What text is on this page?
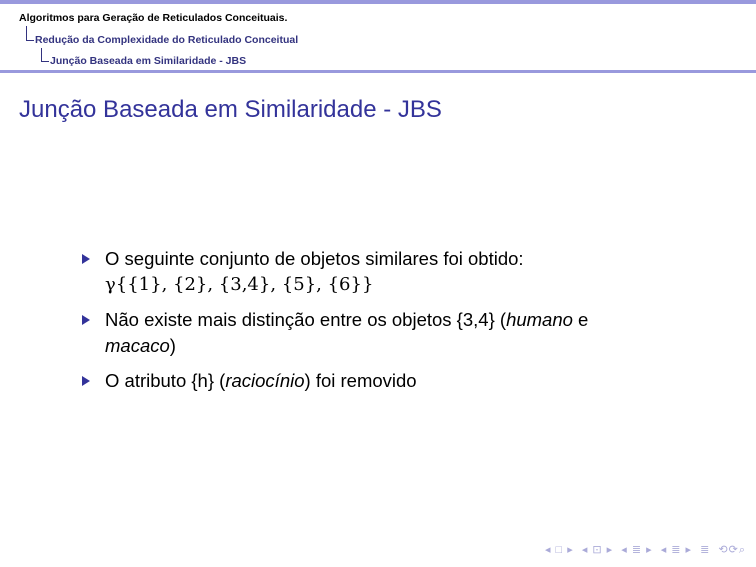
Algoritmos para Geração de Reticulados Conceituais.
Redução da Complexidade do Reticulado Conceitual
Junção Baseada em Similaridade - JBS
Junção Baseada em Similaridade - JBS
O seguinte conjunto de objetos similares foi obtido:
γ{{1}, {2}, {3,4}, {5}, {6}}
Não existe mais distinção entre os objetos {3,4} (humano e
macaco)
O atributo {h} (raciocínio) foi removido
◂ □ ▸ ◂ ⊡ ▸ ◂ ≣ ▸ ◂ ≣ ▸ ≣ ⟲⟳⌕
